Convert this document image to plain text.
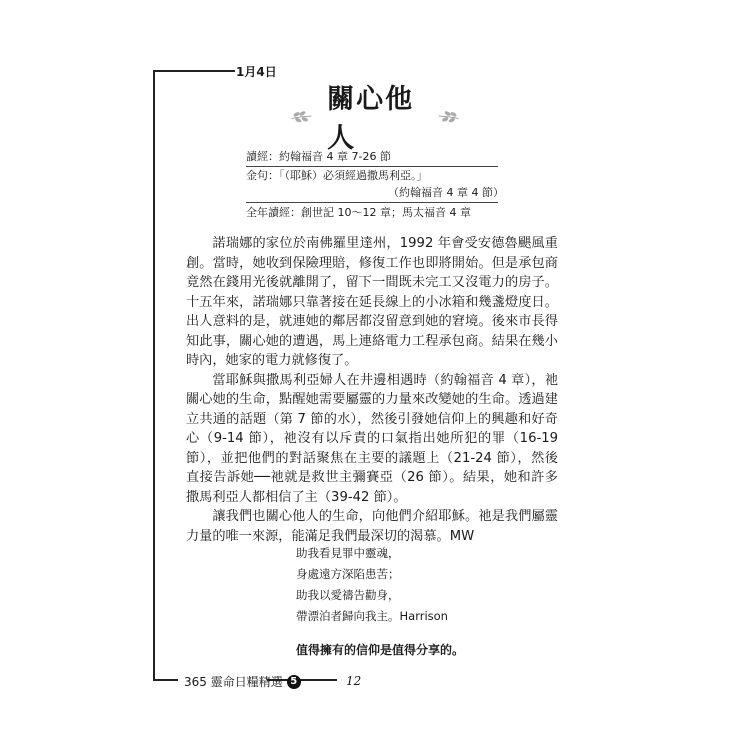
1月4日
關心他人
讀經：約翰福音 4 章 7-26 節
金句：「（耶穌）必須經過撒馬利亞。」
（約翰福音 4 章 4 節）
全年讀經：創世記 10～12 章；馬太福音 4 章

諾瑞娜的家位於南佛羅里達州，1992 年會受安德魯颶風重創。當時，她收到保險理賠，修復工作也即將開始。但是承包商竟然在錢用光後就離開了，留下一間既未完工又沒電力的房子。十五年來，諾瑞娜只靠著接在延長線上的小冰箱和幾盞燈度日。出人意料的是，就連她的鄰居都沒留意到她的窘境。後來市長得知此事，關心她的遭遇，馬上連絡電力工程承包商。結果在幾小時內，她家的電力就修復了。

當耶穌與撒馬利亞婦人在井邊相遇時（約翰福音 4 章），祂關心她的生命，點醒她需要屬靈的力量來改變她的生命。透過建立共通的話題（第 7 節的水），然後引發她信仰上的興趣和好奇心（9-14 節），祂沒有以斥責的口氣指出她所犯的罪（16-19 節），並把他們的對話聚焦在主要的議題上（21-24 節），然後直接告訴她──祂就是救世主彌賽亞（26 節）。結果，她和許多撒馬利亞人都相信了主（39-42 節）。

讓我們也關心他人的生命，向他們介紹耶穌。祂是我們屬靈力量的唯一來源，能滿足我們最深切的渴慕。MW

助我看見罪中靈魂，
身處遠方深陷患苦；
助我以愛禱告勸身，
帶漂泊者歸向我主。Harrison
值得擁有的信仰是值得分享的。
365 靈命日糧精選 5	12
